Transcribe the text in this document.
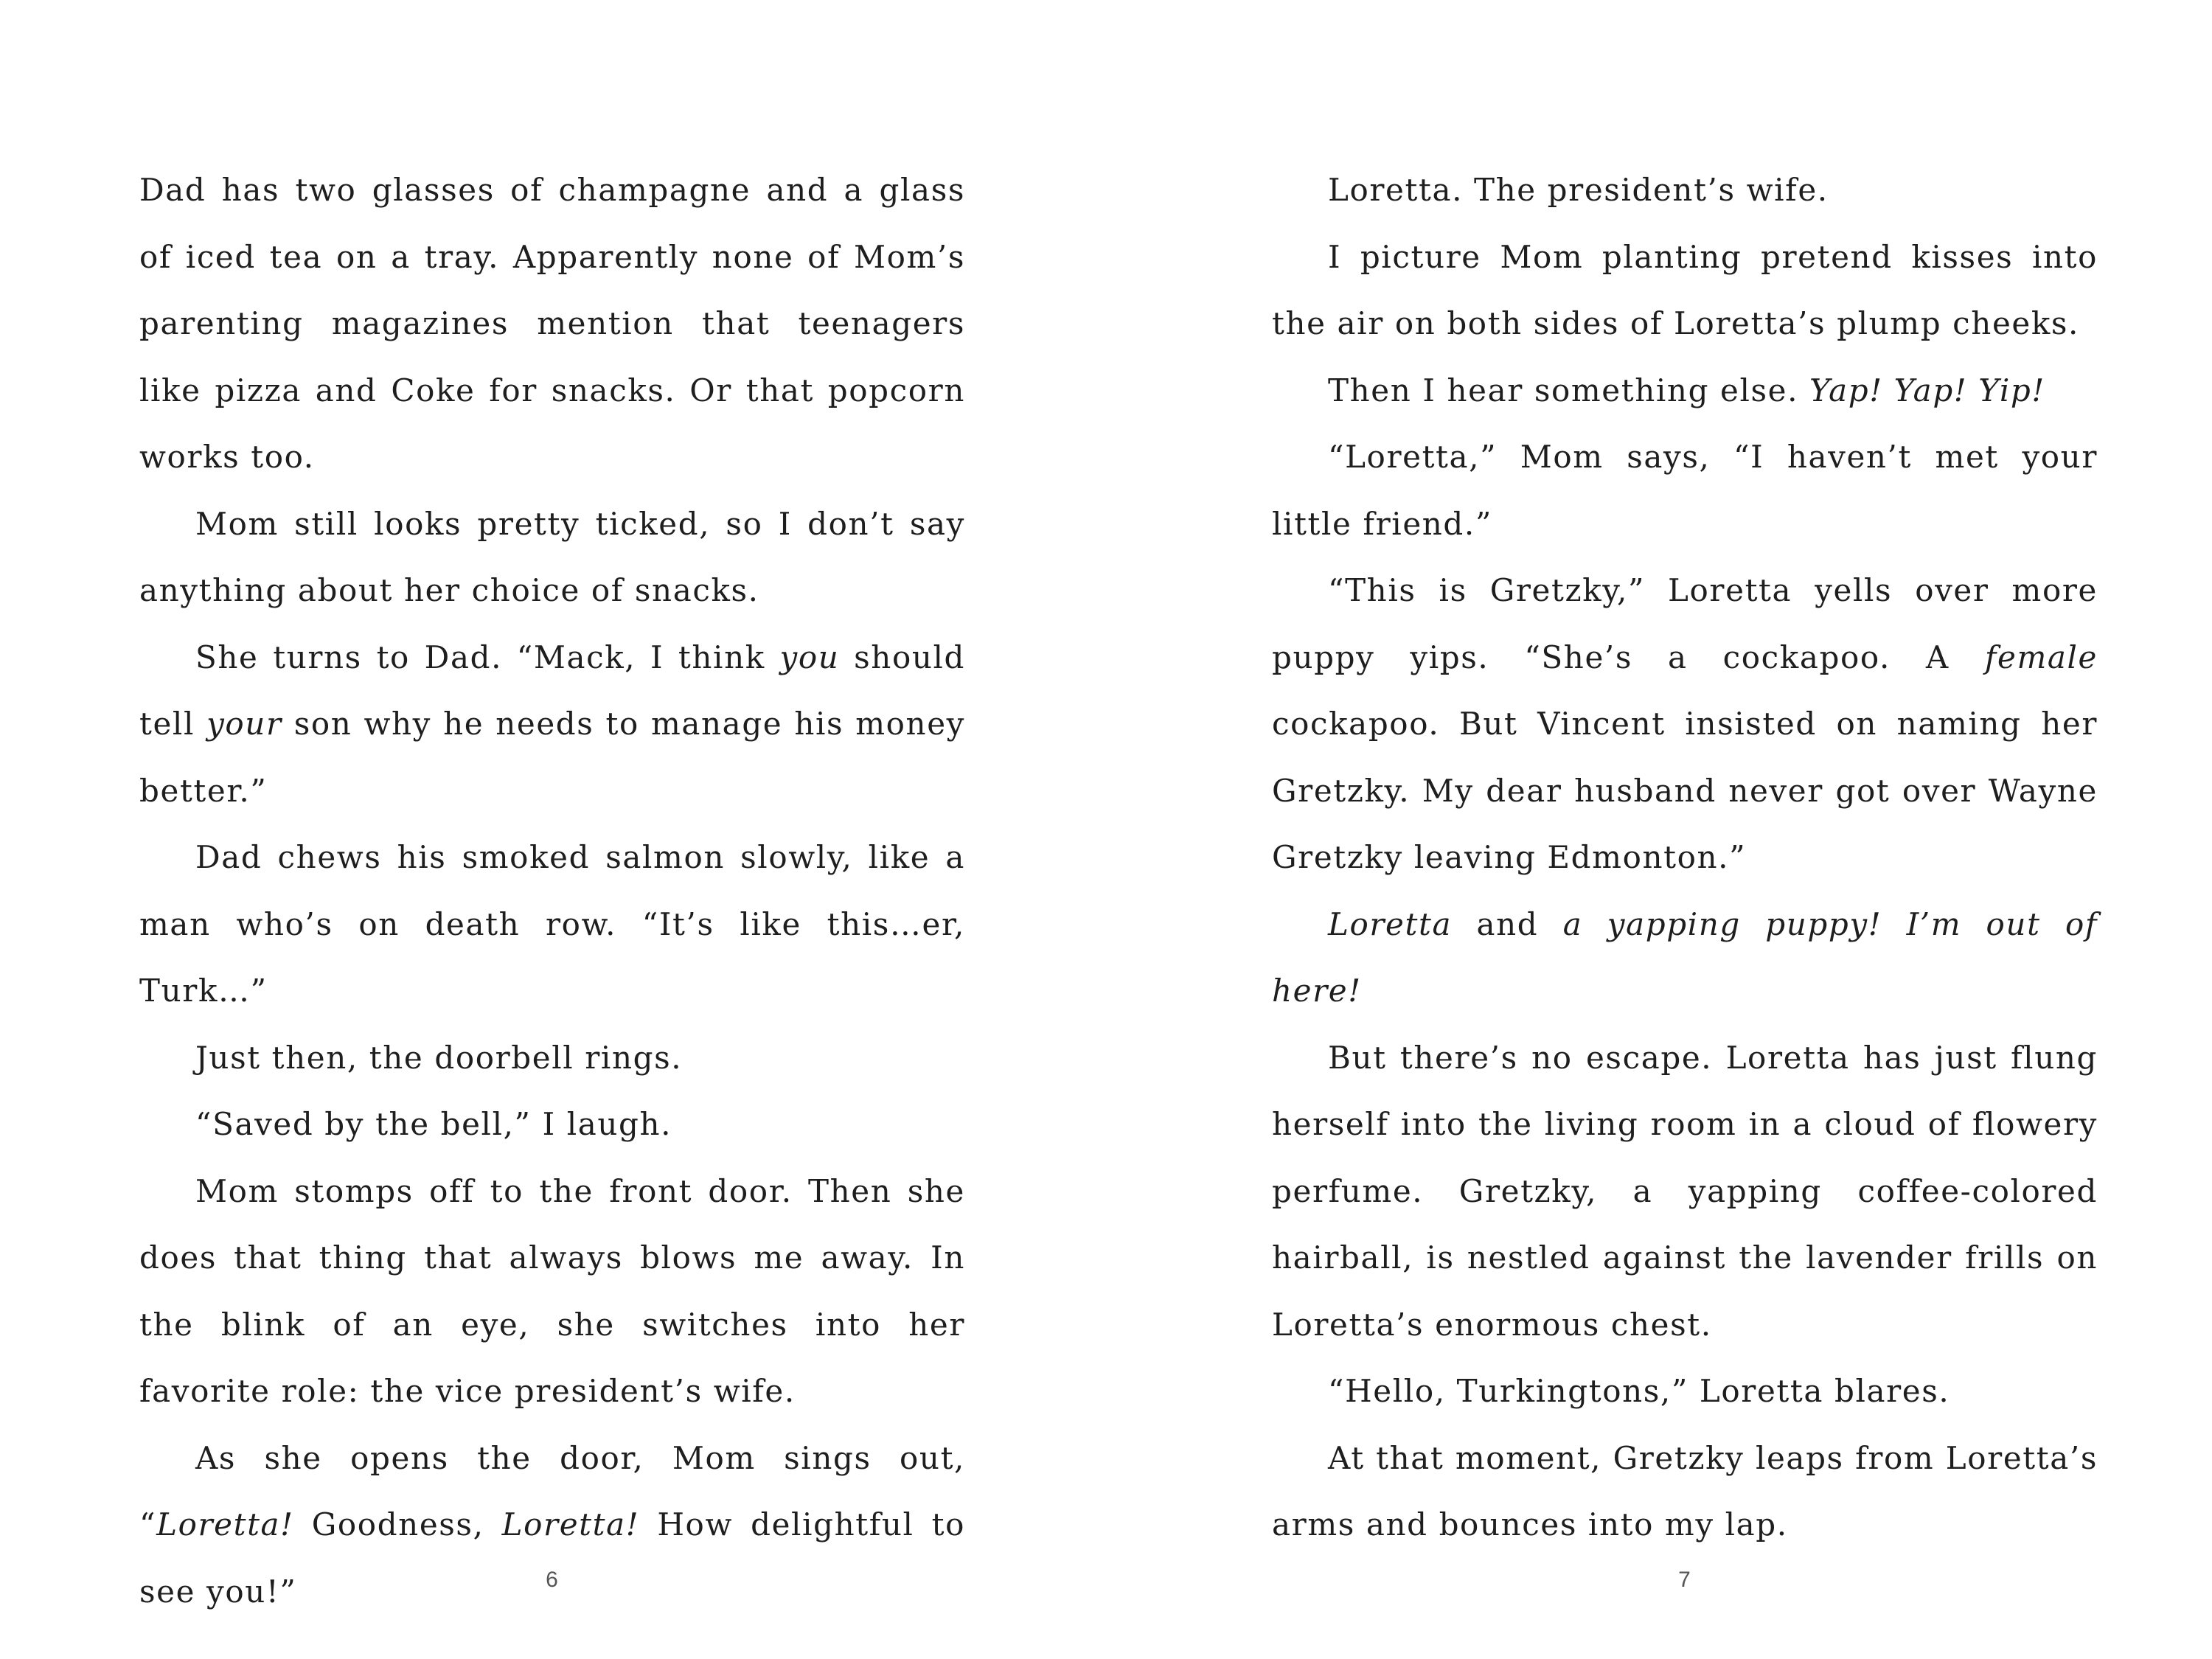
Dad has two glasses of champagne and a glass of iced tea on a tray. Apparently none of Mom’s parenting magazines mention that teenagers like pizza and Coke for snacks. Or that popcorn works too.

Mom still looks pretty ticked, so I don’t say anything about her choice of snacks.

She turns to Dad. “Mack, I think you should tell your son why he needs to manage his money better.”

Dad chews his smoked salmon slowly, like a man who’s on death row. “It’s like this…er, Turk…”

Just then, the doorbell rings.

“Saved by the bell,” I laugh.

Mom stomps off to the front door. Then she does that thing that always blows me away. In the blink of an eye, she switches into her favorite role: the vice president’s wife.

As she opens the door, Mom sings out, “Loretta! Goodness, Loretta! How delightful to see you!”	6

Loretta. The president’s wife.

I picture Mom planting pretend kisses into the air on both sides of Loretta’s plump cheeks.

Then I hear something else. Yap! Yap! Yip!

“Loretta,” Mom says, “I haven’t met your little friend.”

“This is Gretzky,” Loretta yells over more puppy yips. “She’s a cockapoo. A female cockapoo. But Vincent insisted on naming her Gretzky. My dear husband never got over Wayne Gretzky leaving Edmonton.”

Loretta and a yapping puppy! I’m out of here!

But there’s no escape. Loretta has just flung herself into the living room in a cloud of flowery perfume. Gretzky, a yapping coffee-colored hairball, is nestled against the lavender frills on Loretta’s enormous chest.

“Hello, Turkingtons,” Loretta blares.

At that moment, Gretzky leaps from Loretta’s arms and bounces into my lap.

7
